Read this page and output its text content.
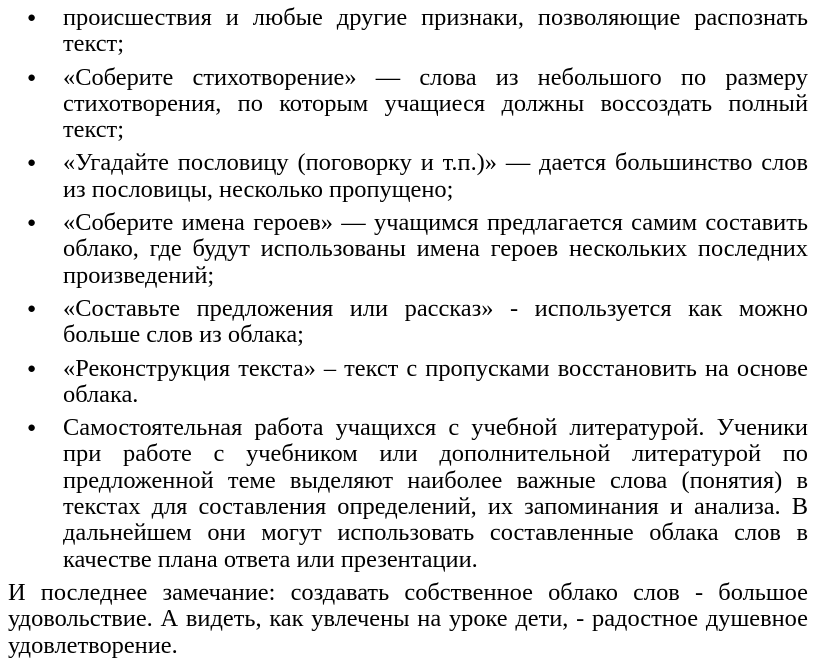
● происшествия и любые другие признаки, позволяющие распознать текст;
● «Соберите стихотворение» — слова из небольшого по размеру стихотворения, по которым учащиеся должны воссоздать полный текст;
● «Угадайте пословицу (поговорку и т.п.)» — дается большинство слов из пословицы, несколько пропущено;
● «Соберите имена героев» — учащимся предлагается самим составить облако, где будут использованы имена героев нескольких последних произведений;
● «Составьте предложения или рассказ» - используется как можно больше слов из облака;
● «Реконструкция текста» – текст с пропусками восстановить на основе облака.
● Самостоятельная работа учащихся с учебной литературой. Ученики при работе с учебником или дополнительной литературой по предложенной теме выделяют наиболее важные слова (понятия) в текстах для составления определений, их запоминания и анализа. В дальнейшем они могут использовать составленные облака слов в качестве плана ответа или презентации.

И последнее замечание: создавать собственное облако слов - большое удовольствие. А видеть, как увлечены на уроке дети, - радостное душевное удовлетворение.
